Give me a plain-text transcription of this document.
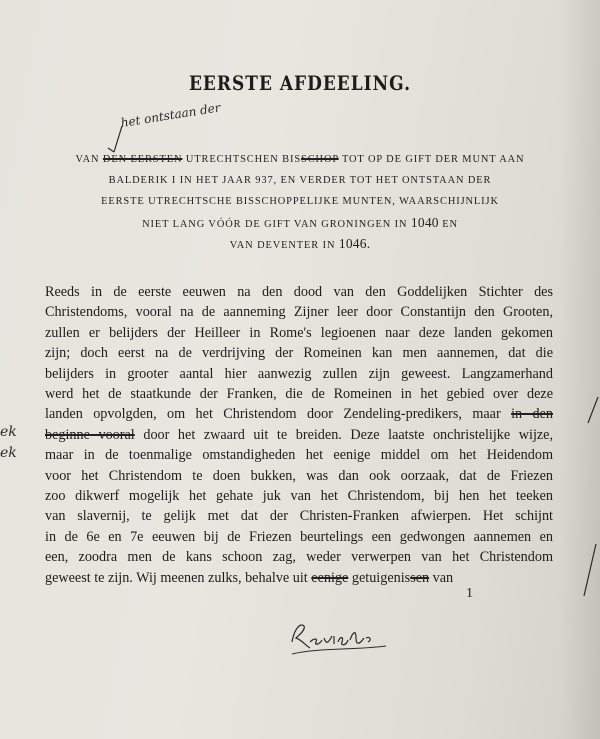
EERSTE AFDEELING.
het ontstaan der
VAN DEN EERSTEN UTRECHTSCHEN BISSCHOP TOT OP DE GIFT DER MUNT AAN
BALDERIK I IN HET JAAR 937, EN VERDER TOT HET ONTSTAAN DER
EERSTE UTRECHTSCHE BISSCHOPPELIJKE MUNTEN, WAARSCHIJNLIJK
NIET LANG VÓÓR DE GIFT VAN GRONINGEN IN 1040 EN
VAN DEVENTER IN 1046.
Reeds in de eerste eeuwen na den dood van den Goddelijken Stichter des
Christendoms, vooral na de aanneming Zijner leer door Constantijn den Grooten,
zullen er belijders der Heilleer in Rome's legioenen naar deze landen gekomen
zijn; doch eerst na de verdrijving der Romeinen kan men aannemen, dat die
belijders in grooter aantal hier aanwezig zullen zijn geweest. Langzamerhand
werd het de staatkunde der Franken, die de Romeinen in het gebied over deze
landen opvolgden, om het Christendom door Zendeling-predikers, maar in den
beginne vooral door het zwaard uit te breiden. Deze laatste onchristelijke wijze,
maar in de toenmalige omstandigheden het eenige middel om het Heidendom
voor het Christendom te doen bukken, was dan ook oorzaak, dat de Friezen
zoo dikwerf mogelijk het gehate juk van het Christendom, bij hen het teeken
van slavernij, te gelijk met dat der Christen-Franken afwierpen. Het schijnt
in de 6e en 7e eeuwen bij de Friezen beurtelings een gedwongen aannemen en
een, zoodra men de kans schoon zag, weder verwerpen van het Christendom
geweest te zijn. Wij meenen zulks, behalve uit eenige getuigenissen van
1
ek
ek
